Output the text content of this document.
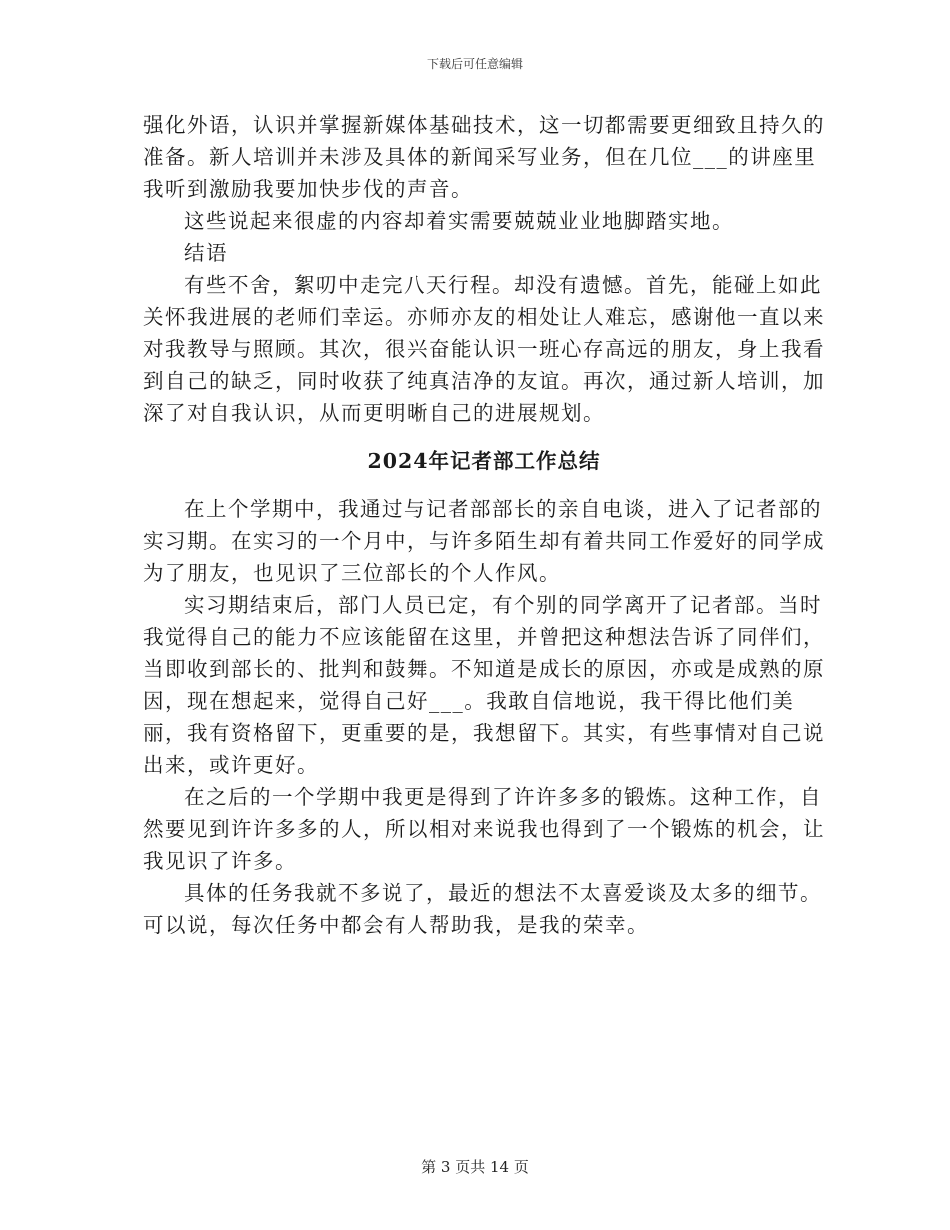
下载后可任意编辑

强化外语，认识并掌握新媒体基础技术，这一切都需要更细致且持久的准备。新人培训并未涉及具体的新闻采写业务，但在几位___的讲座里我听到激励我要加快步伐的声音。

这些说起来很虚的内容却着实需要兢兢业业地脚踏实地。

结语

有些不舍，絮叨中走完八天行程。却没有遗憾。首先，能碰上如此关怀我进展的老师们幸运。亦师亦友的相处让人难忘，感谢他一直以来对我教导与照顾。其次，很兴奋能认识一班心存高远的朋友，身上我看到自己的缺乏，同时收获了纯真洁净的友谊。再次，通过新人培训，加深了对自我认识，从而更明晰自己的进展规划。

2024年记者部工作总结

在上个学期中，我通过与记者部部长的亲自电谈，进入了记者部的实习期。在实习的一个月中，与许多陌生却有着共同工作爱好的同学成为了朋友，也见识了三位部长的个人作风。

实习期结束后，部门人员已定，有个别的同学离开了记者部。当时我觉得自己的能力不应该能留在这里，并曾把这种想法告诉了同伴们，当即收到部长的、批判和鼓舞。不知道是成长的原因，亦或是成熟的原因，现在想起来，觉得自己好___。我敢自信地说，我干得比他们美丽，我有资格留下，更重要的是，我想留下。其实，有些事情对自己说出来，或许更好。

在之后的一个学期中我更是得到了许许多多的锻炼。这种工作，自然要见到许许多多的人，所以相对来说我也得到了一个锻炼的机会，让我见识了许多。

具体的任务我就不多说了，最近的想法不太喜爱谈及太多的细节。可以说，每次任务中都会有人帮助我，是我的荣幸。

第 3 页共 14 页
